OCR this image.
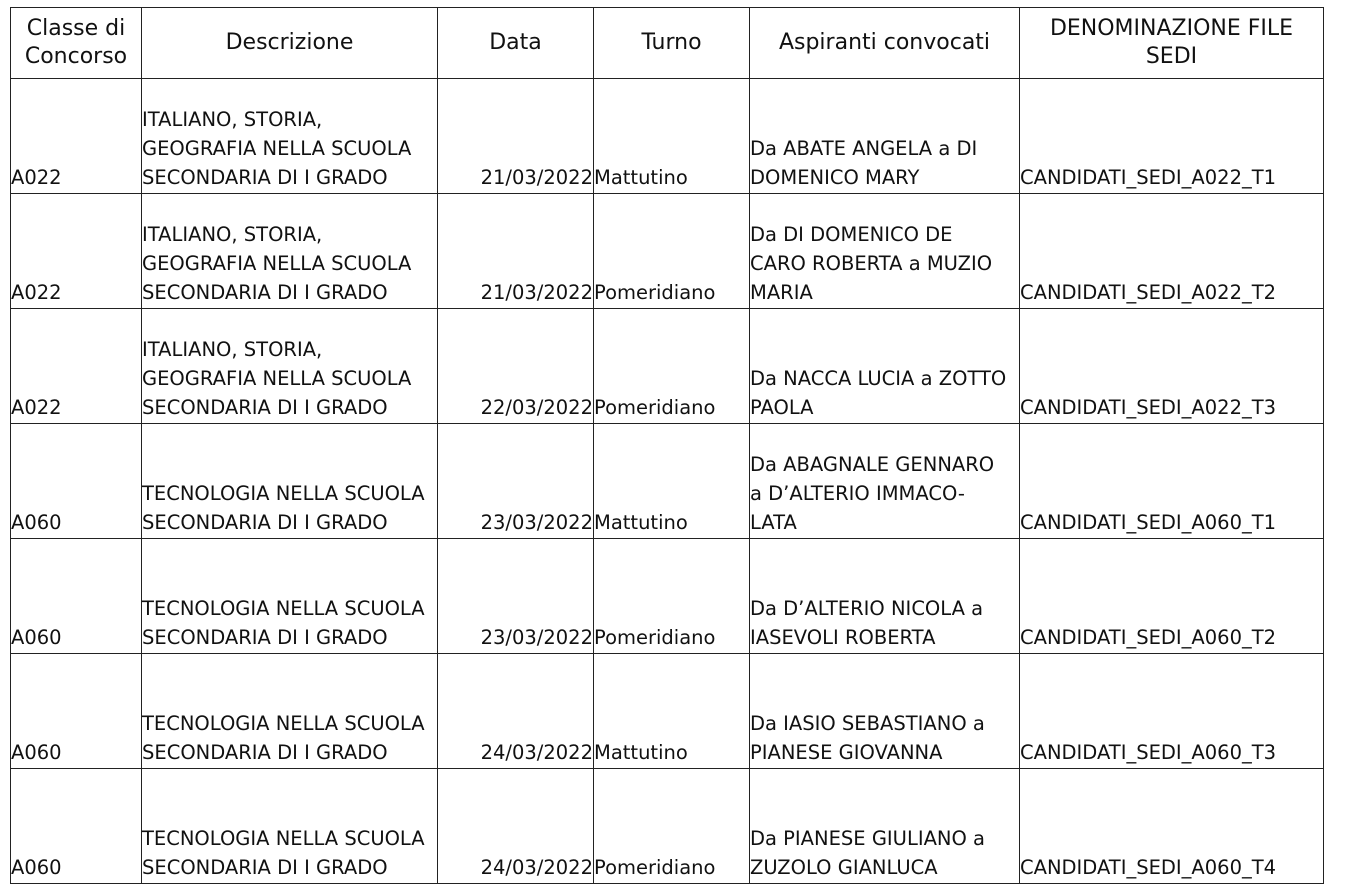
Classe di
Concorso	Descrizione	Data	Turno	Aspiranti convocati	DENOMINAZIONE FILE
SEDI

A022	ITALIANO, STORIA,
GEOGRAFIA NELLA SCUOLA
SECONDARIA DI I GRADO	21/03/2022	Mattutino	Da ABATE ANGELA a DI
DOMENICO MARY	CANDIDATI_SEDI_A022_T1

A022	ITALIANO, STORIA,
GEOGRAFIA NELLA SCUOLA
SECONDARIA DI I GRADO	21/03/2022	Pomeridiano	Da DI DOMENICO DE
CARO ROBERTA a MUZIO
MARIA	CANDIDATI_SEDI_A022_T2

A022	ITALIANO, STORIA,
GEOGRAFIA NELLA SCUOLA
SECONDARIA DI I GRADO	22/03/2022	Pomeridiano	Da NACCA LUCIA a ZOTTO
PAOLA	CANDIDATI_SEDI_A022_T3

A060	TECNOLOGIA NELLA SCUOLA
SECONDARIA DI I GRADO	23/03/2022	Mattutino	Da ABAGNALE GENNARO
a D’ALTERIO IMMACO-
LATA	CANDIDATI_SEDI_A060_T1

A060	TECNOLOGIA NELLA SCUOLA
SECONDARIA DI I GRADO	23/03/2022	Pomeridiano	Da D’ALTERIO NICOLA a
IASEVOLI ROBERTA	CANDIDATI_SEDI_A060_T2

A060	TECNOLOGIA NELLA SCUOLA
SECONDARIA DI I GRADO	24/03/2022	Mattutino	Da IASIO SEBASTIANO a
PIANESE GIOVANNA	CANDIDATI_SEDI_A060_T3

A060	TECNOLOGIA NELLA SCUOLA
SECONDARIA DI I GRADO	24/03/2022	Pomeridiano	Da PIANESE GIULIANO a
ZUZOLO GIANLUCA	CANDIDATI_SEDI_A060_T4
